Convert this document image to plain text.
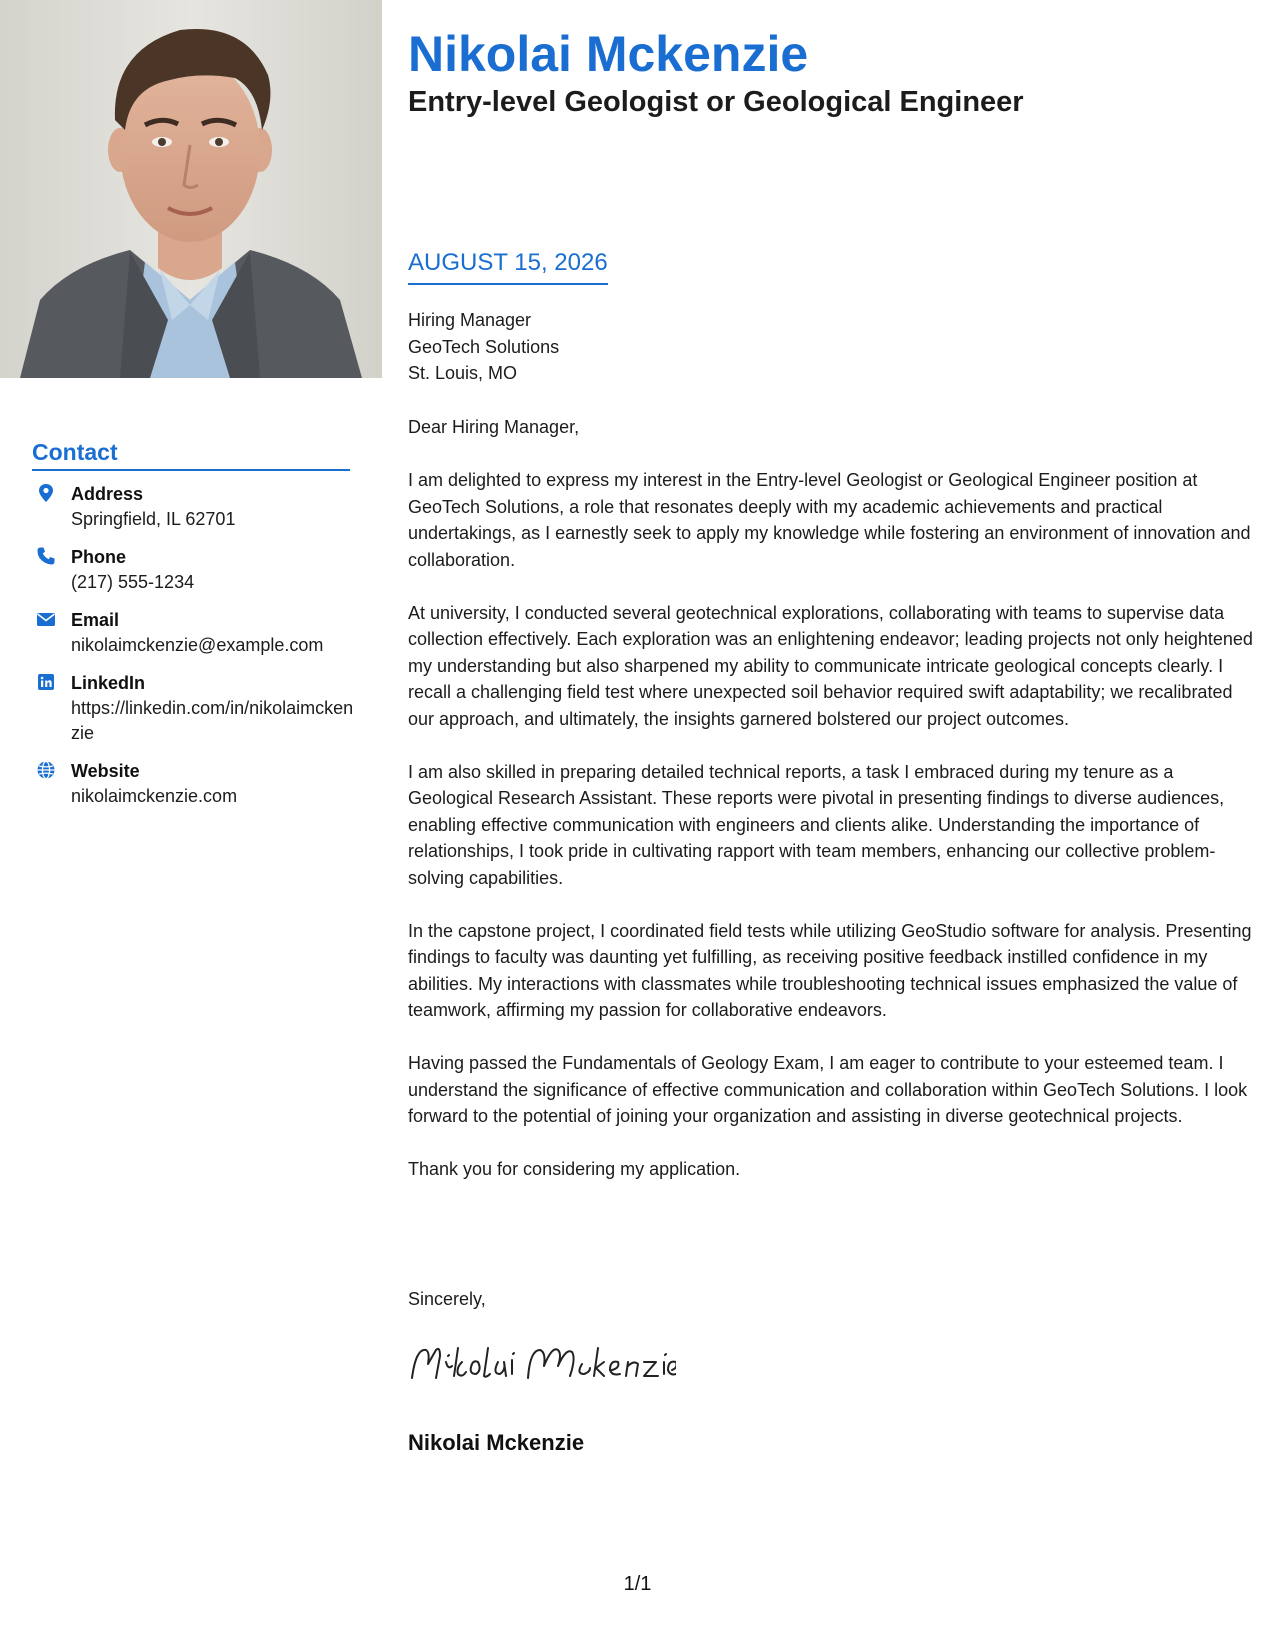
Nikolai Mckenzie
Entry-level Geologist or Geological Engineer
AUGUST 15, 2026
Hiring Manager
GeoTech Solutions
St. Louis, MO

Dear Hiring Manager,

I am delighted to express my interest in the Entry-level Geologist or Geological Engineer position at GeoTech Solutions, a role that resonates deeply with my academic achievements and practical undertakings, as I earnestly seek to apply my knowledge while fostering an environment of innovation and collaboration.

At university, I conducted several geotechnical explorations, collaborating with teams to supervise data collection effectively. Each exploration was an enlightening endeavor; leading projects not only heightened my understanding but also sharpened my ability to communicate intricate geological concepts clearly. I recall a challenging field test where unexpected soil behavior required swift adaptability; we recalibrated our approach, and ultimately, the insights garnered bolstered our project outcomes.

I am also skilled in preparing detailed technical reports, a task I embraced during my tenure as a Geological Research Assistant. These reports were pivotal in presenting findings to diverse audiences, enabling effective communication with engineers and clients alike. Understanding the importance of relationships, I took pride in cultivating rapport with team members, enhancing our collective problem-solving capabilities.

In the capstone project, I coordinated field tests while utilizing GeoStudio software for analysis. Presenting findings to faculty was daunting yet fulfilling, as receiving positive feedback instilled confidence in my abilities. My interactions with classmates while troubleshooting technical issues emphasized the value of teamwork, affirming my passion for collaborative endeavors.

Having passed the Fundamentals of Geology Exam, I am eager to contribute to your esteemed team. I understand the significance of effective communication and collaboration within GeoTech Solutions. I look forward to the potential of joining your organization and assisting in diverse geotechnical projects.

Thank you for considering my application.

Sincerely,
Nikolai Mckenzie
Contact
Address
Springfield, IL 62701
Phone
(217) 555-1234
Email
nikolaimckenzie@example.com
LinkedIn
https://linkedin.com/in/nikolaimckenzie
Website
nikolaimckenzie.com
1/1
